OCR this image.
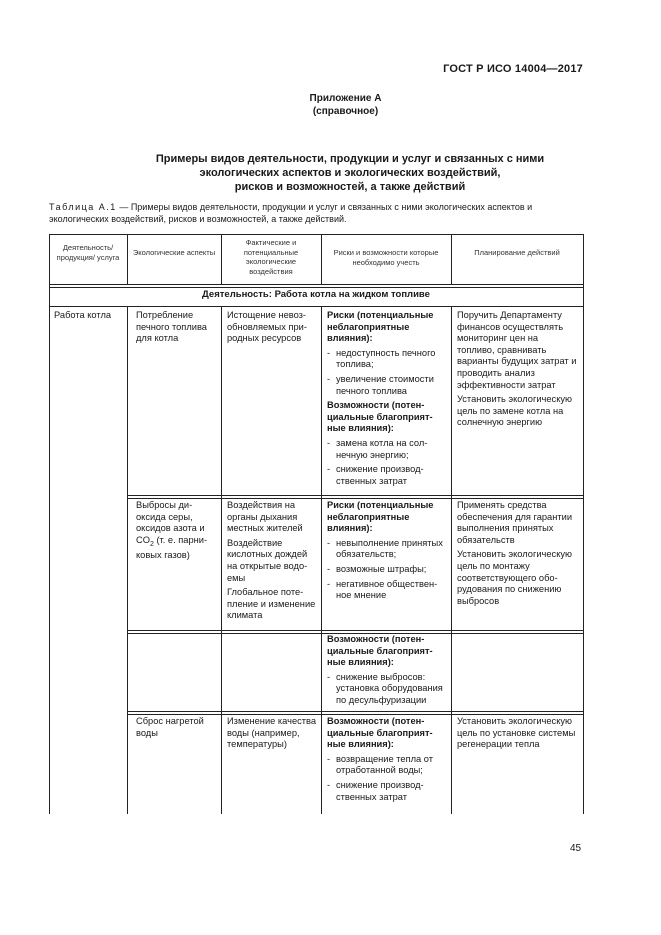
ГОСТ Р ИСО 14004—2017
Приложение А
(справочное)
Примеры видов деятельности, продукции и услуг и связанных с ними
экологических аспектов и экологических воздействий,
рисков и возможностей, а также действий
Таблица А.1 — Примеры видов деятельности, продукции и услуг и связанных с ними экологических аспектов и экологических воздействий, рисков и возможностей, а также действий.
Деятельность/ продукция/ услуга	Экологические аспекты
Фактические и потенциальные экологические воздействия
Риски и возможности которые необходимо учесть
Планирование действий
Деятельность: Работа котла на жидком топливе
Работа котла	Потребление печного топлива для котла
Истощение невозобновляемых природных ресурсов

Риски (потенциальные неблагоприятные влияния):

- недоступность печного топлива;

- увеличение стоимости печного топлива

Возможности (потенциальные благоприятные влияния):

- замена котла на солнечную энергию;

- снижение производственных затрат

Поручить Департаменту финансов осуществлять мониторинг цен на топливо, сравнивать варианты будущих затрат и проводить анализ эффективности затрат

Установить экологическую цель по замене котла на солнечную энергию

Выбросы диоксида серы, оксидов азота и $CO_2$ (т. е. парниковых газов)

Воздействия на органы дыхания местных жителей

Воздействие кислотных дождей на открытые водоемы

Глобальное потепление и изменение климата

Риски (потенциальные неблагоприятные влияния):

- невыполнение принятых обязательств;

- возможные штрафы;

- негативное общественное мнение

Применять средства обеспечения для гарантии выполнения принятых обязательств

Установить экологическую цель по монтажу соответствующего оборудования по снижению выбросов

Возможности (потенциальные благоприятные влияния):

- снижение выбросов: установка оборудования по десульфуризации

Сброс нагретой воды
Изменение качества воды (например, температуры)

Возможности (потенциальные благоприятные влияния):

- возвращение тепла от отработанной воды;

- снижение производственных затрат

Установить экологическую цель по установке системы регенерации тепла
45
